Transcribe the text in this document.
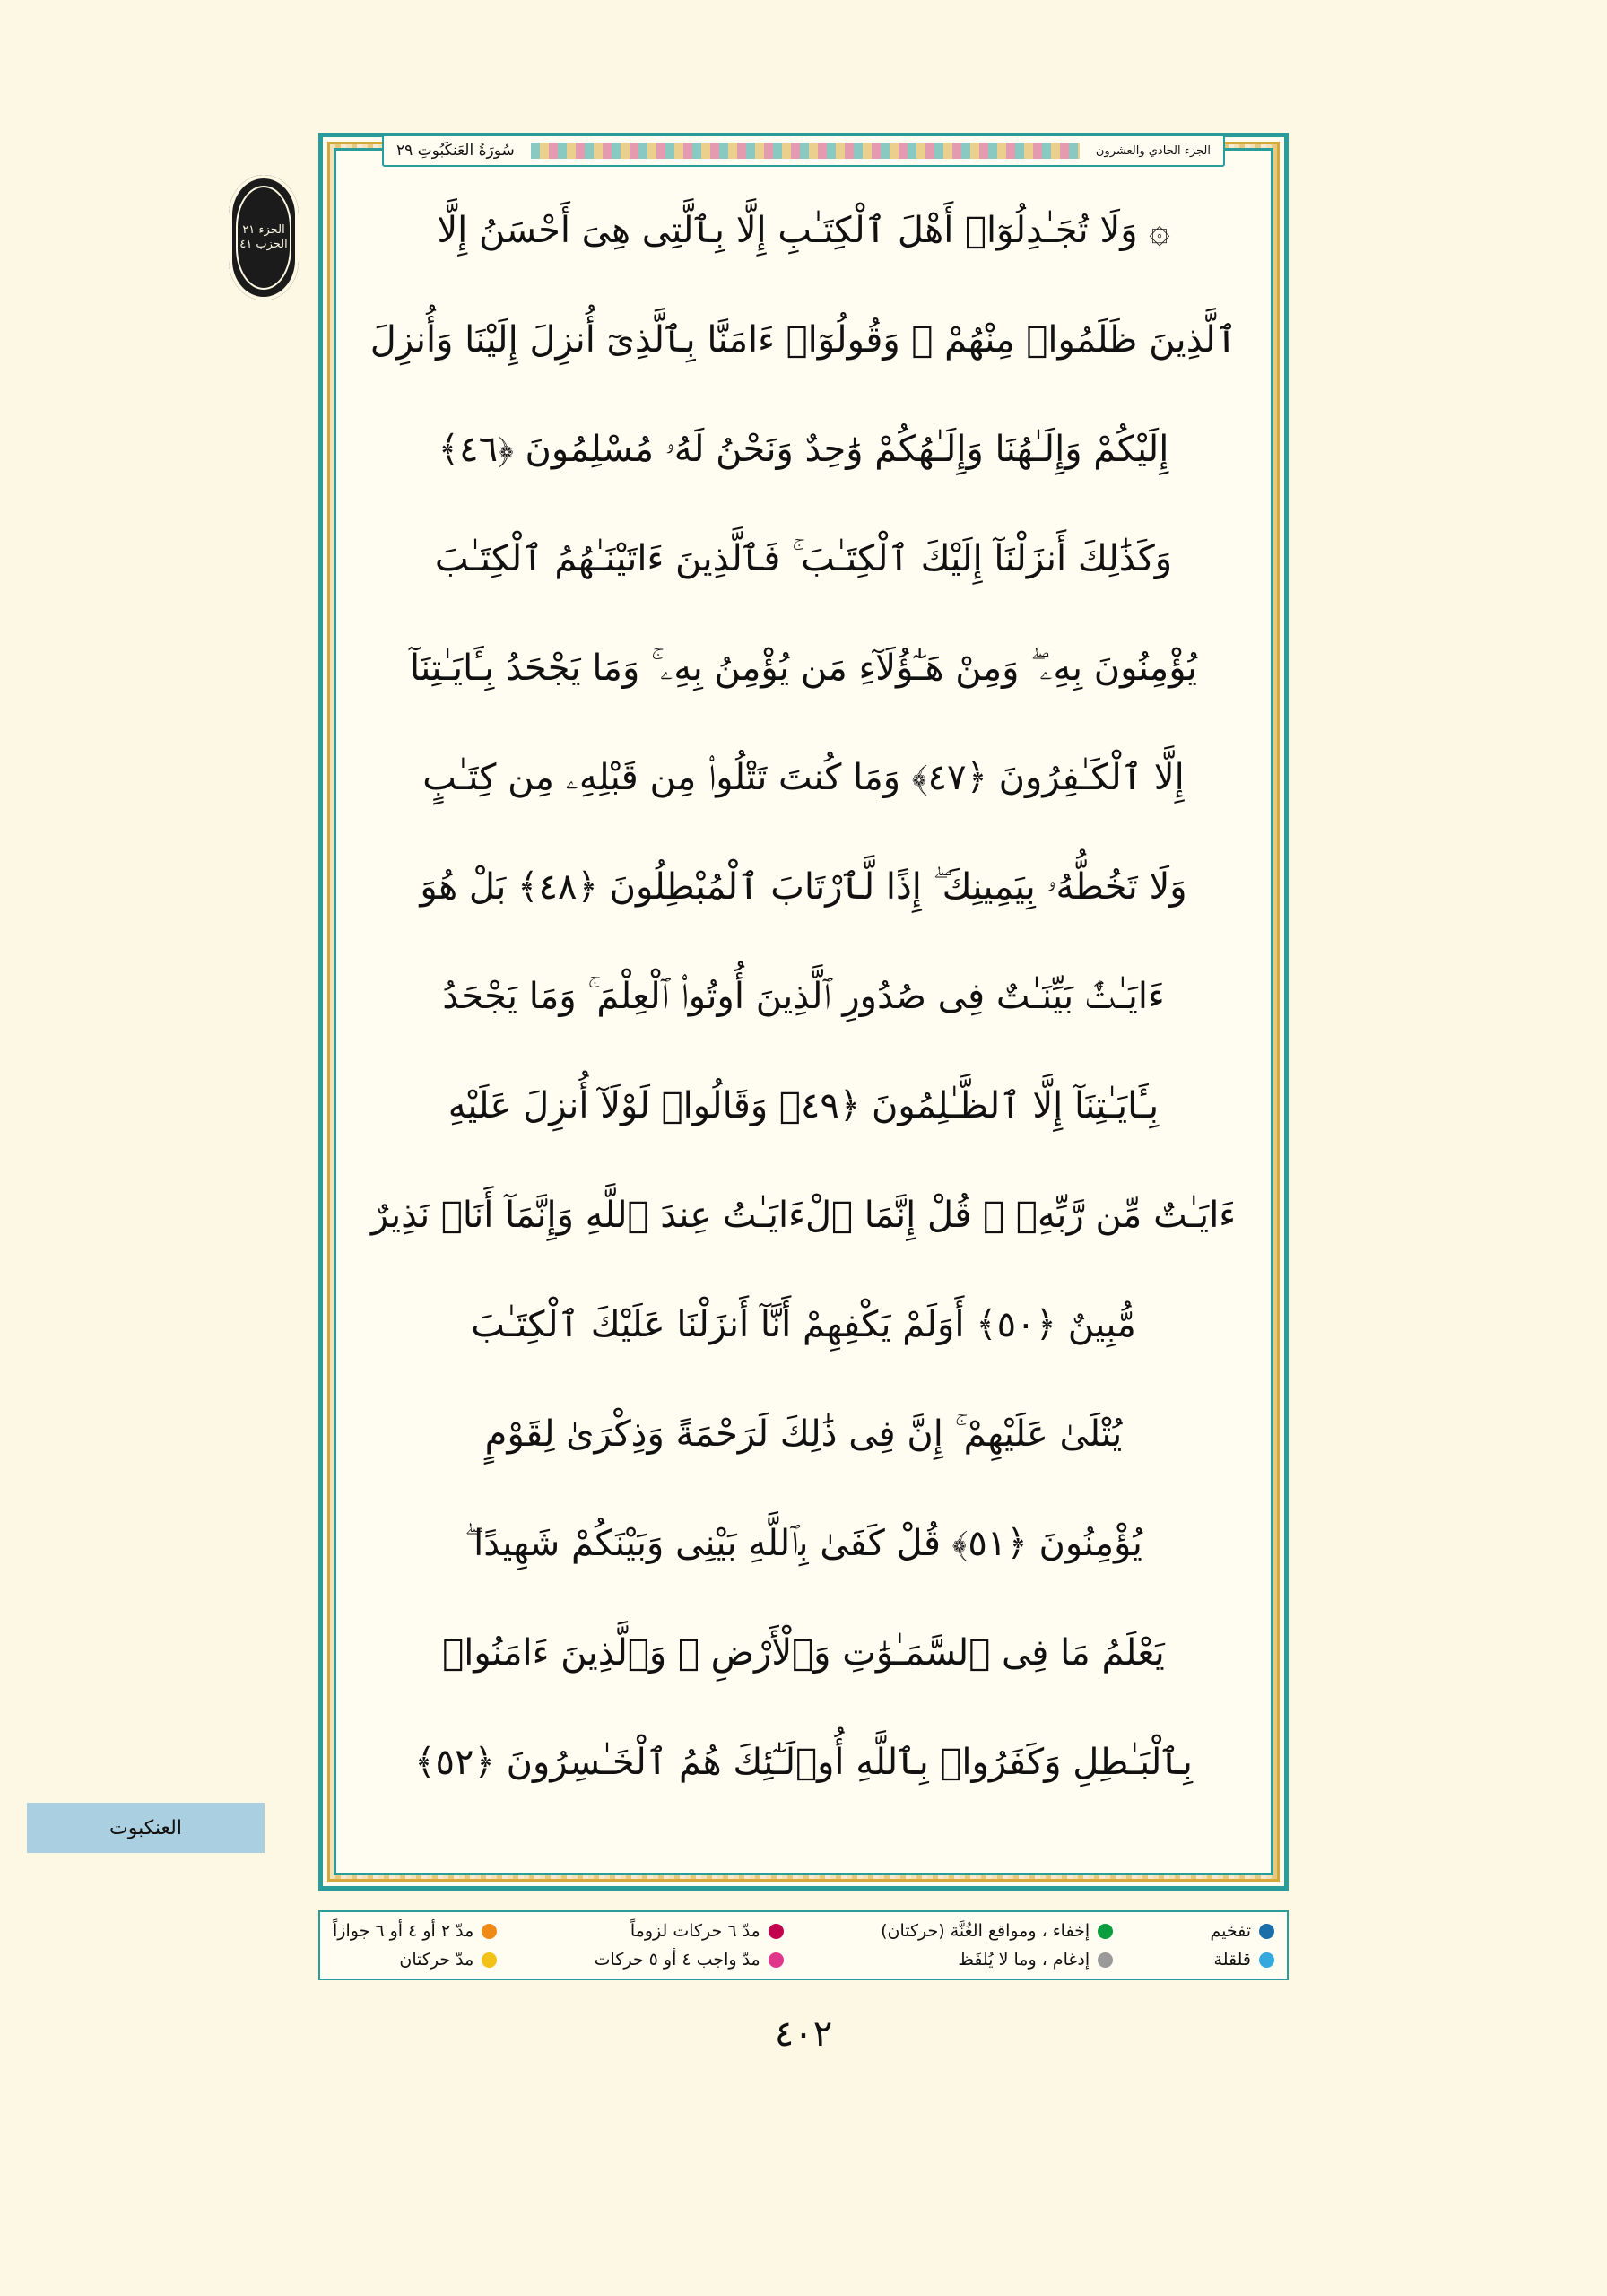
الجزء ٢١
الحزب ٤١
الجزء الحادي والعشرون
سُورَةُ العَنكَبُوتِ ٢٩
۞ وَلَا تُجَـٰدِلُوٓا۟ أَهْلَ ٱلْكِتَـٰبِ إِلَّا بِٱلَّتِى هِىَ أَحْسَنُ إِلَّا
ٱلَّذِينَ ظَلَمُوا۟ مِنْهُمْ ۖ وَقُولُوٓا۟ ءَامَنَّا بِٱلَّذِىٓ أُنزِلَ إِلَيْنَا وَأُنزِلَ
إِلَيْكُمْ وَإِلَـٰهُنَا وَإِلَـٰهُكُمْ وَ‌ٰحِدٌ وَنَحْنُ لَهُۥ مُسْلِمُونَ ﴿٤٦﴾
وَكَذَ‌ٰلِكَ أَنزَلْنَآ إِلَيْكَ ٱلْكِتَـٰبَ ۚ فَٱلَّذِينَ ءَاتَيْنَـٰهُمُ ٱلْكِتَـٰبَ
يُؤْمِنُونَ بِهِۦ ۖ وَمِنْ هَـٰٓؤُلَآءِ مَن يُؤْمِنُ بِهِۦ ۚ وَمَا يَجْحَدُ بِـَٔايَـٰتِنَآ
إِلَّا ٱلْكَـٰفِرُونَ ﴿٤٧﴾ وَمَا كُنتَ تَتْلُوا۟ مِن قَبْلِهِۦ مِن كِتَـٰبٍ
وَلَا تَخُطُّهُۥ بِيَمِينِكَ ۖ إِذًا لَّٱرْتَابَ ٱلْمُبْطِلُونَ ﴿٤٨﴾ بَلْ هُوَ
ءَايَـٰتٌۢ بَيِّنَـٰتٌ فِى صُدُورِ ٱلَّذِينَ أُوتُوا۟ ٱلْعِلْمَ ۚ وَمَا يَجْحَدُ
بِـَٔايَـٰتِنَآ إِلَّا ٱلظَّـٰلِمُونَ ﴿٤٩﴾ وَقَالُوا۟ لَوْلَآ أُنزِلَ عَلَيْهِ
ءَايَـٰتٌ مِّن رَّبِّهِۦ ۖ قُلْ إِنَّمَا ٱلْءَايَـٰتُ عِندَ ٱللَّهِ وَإِنَّمَآ أَنَا۠ نَذِيرٌ
مُّبِينٌ ﴿٥٠﴾ أَوَلَمْ يَكْفِهِمْ أَنَّآ أَنزَلْنَا عَلَيْكَ ٱلْكِتَـٰبَ
يُتْلَىٰ عَلَيْهِمْ ۚ إِنَّ فِى ذَ‌ٰلِكَ لَرَحْمَةً وَذِكْرَىٰ لِقَوْمٍ
يُؤْمِنُونَ ﴿٥١﴾ قُلْ كَفَىٰ بِٱللَّهِ بَيْنِى وَبَيْنَكُمْ شَهِيدًا ۖ
يَعْلَمُ مَا فِى ٱلسَّمَـٰوَ‌ٰتِ وَٱلْأَرْضِ ۗ وَٱلَّذِينَ ءَامَنُوا۟
بِٱلْبَـٰطِلِ وَكَفَرُوا۟ بِٱللَّهِ أُو۟لَـٰٓئِكَ هُمُ ٱلْخَـٰسِرُونَ ﴿٥٢﴾
العنكبوت
مدّ ٢ أو ٤ أو ٦ جوازاً
مدّ حركتان
مدّ ٦ حركات لزوماً
مدّ واجب ٤ أو ٥ حركات
إخفاء ، ومواقع الغُنَّة (حركتان)
إدغام ، وما لا يُلفَظ
تفخيم
قلقلة
٤٠٢
